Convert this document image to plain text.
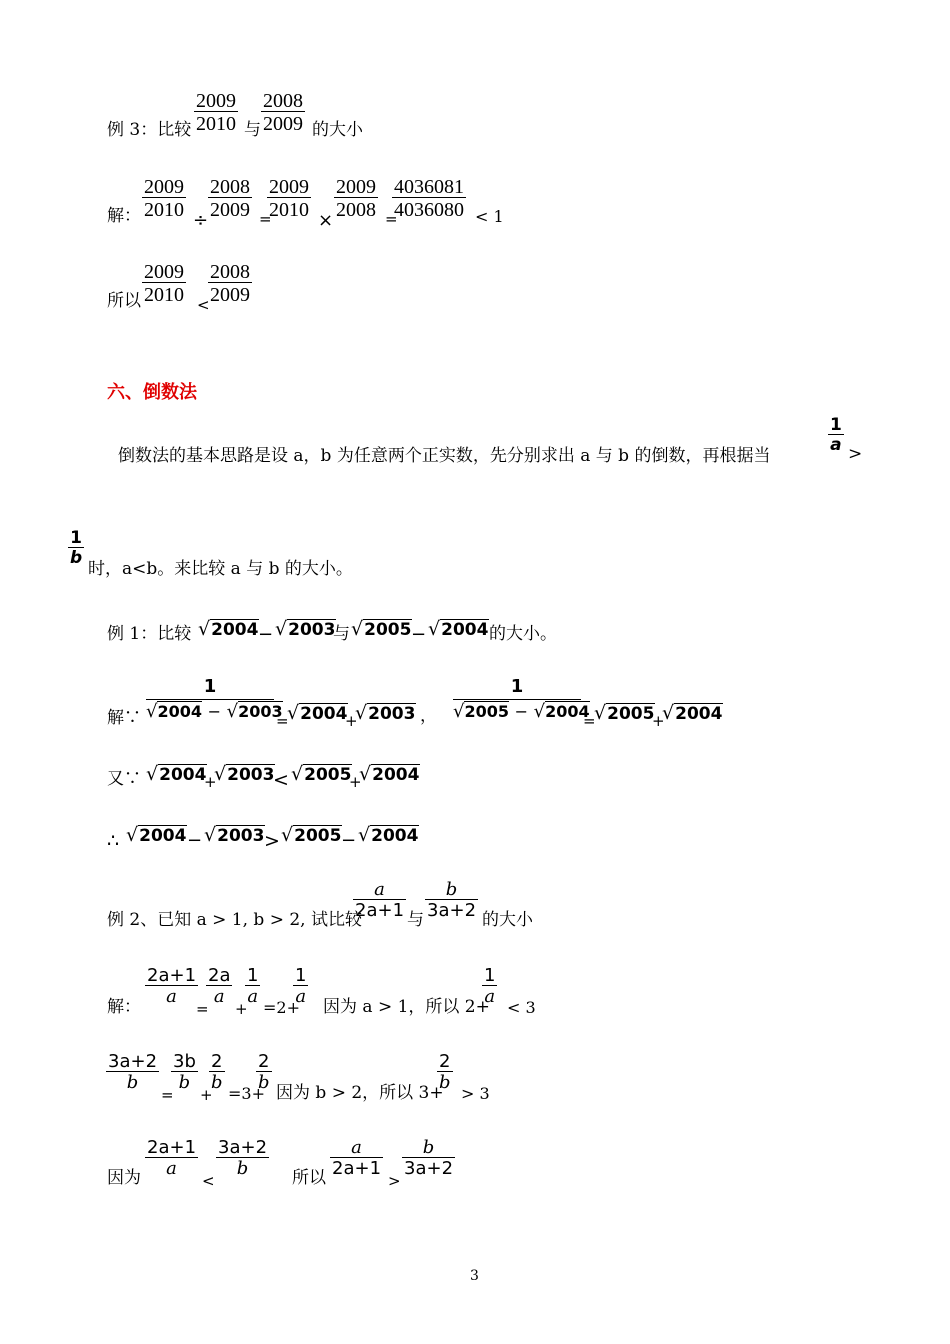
例 3：比较 $\frac{2009}{2010}$ 与 $\frac{2008}{2009}$ 的大小
解： $\frac{2009}{2010}$
÷
$\frac{2008}{2009}$ =
$\frac{2009}{2010}$
×
$\frac{2009}{2008}$ =
$\frac{4036081}{4036080} < 1$
所以 $\frac{2009}{2010}$ <
$\frac{2008}{2009}$
六、倒数法
倒数法的基本思路是设 a，b 为任意两个正实数，先分别求出 a 与 b 的倒数，再根据当
$\frac{1}{a}$ >
$\frac{1}{b}$
时，a<b。来比较 a 与 b 的大小。
例 1：比较 √2004 − √2003
与 √2005 − √2004 的大小。
解∵
1
√2004 − √2003
=
√2004
+
√2003 ，
1
√2005 − √2004
=
√2005
+
√2004
又∵ √2004
+
√2003
< √2005
+
√2004
∴ √2004 − √2003 > √2005 − √2004
例 2、已知 a > 1, b > 2, 试比较
$\frac{a}{2a+1}$ 与 $\frac{b}{3a+2}$ 的大小
解：
$\frac{2a+1}{a}$
=
$\frac{2a}{a}$
+
$\frac{1}{a}$
=2+
$\frac{1}{a}$
因为 a > 1，所以 2+
$\frac{1}{a}$
< 3
$\frac{3a+2}{b}$
=
$\frac{3b}{b}$
+
$\frac{2}{b}$
=3+
$\frac{2}{b}$
因为 b > 2，所以 3+
$\frac{2}{b}$
> 3
因为 $\frac{2a+1}{a}$
<
$\frac{3a+2}{b}$ 所以 $\frac{a}{2a+1}$
>
$\frac{b}{3a+2}$
3
